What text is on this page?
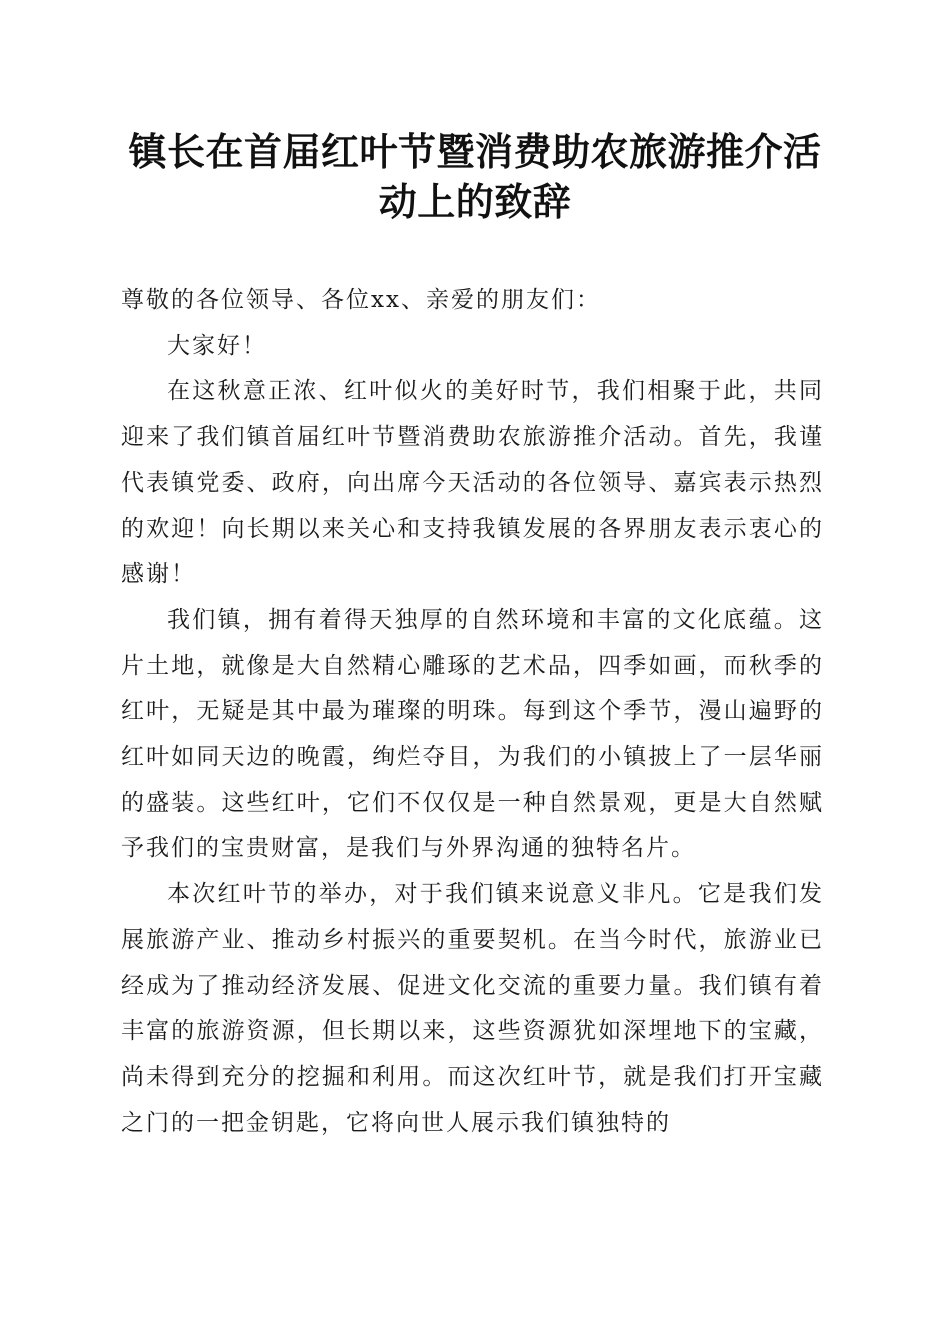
镇长在首届红叶节暨消费助农旅游推介活动上的致辞

尊敬的各位领导、各位xx、亲爱的朋友们：

大家好！

在这秋意正浓、红叶似火的美好时节，我们相聚于此，共同迎来了我们镇首届红叶节暨消费助农旅游推介活动。首先，我谨代表镇党委、政府，向出席今天活动的各位领导、嘉宾表示热烈的欢迎！向长期以来关心和支持我镇发展的各界朋友表示衷心的感谢！

我们镇，拥有着得天独厚的自然环境和丰富的文化底蕴。这片土地，就像是大自然精心雕琢的艺术品，四季如画，而秋季的红叶，无疑是其中最为璀璨的明珠。每到这个季节，漫山遍野的红叶如同天边的晚霞，绚烂夺目，为我们的小镇披上了一层华丽的盛装。这些红叶，它们不仅仅是一种自然景观，更是大自然赋予我们的宝贵财富，是我们与外界沟通的独特名片。

本次红叶节的举办，对于我们镇来说意义非凡。它是我们发展旅游产业、推动乡村振兴的重要契机。在当今时代，旅游业已经成为了推动经济发展、促进文化交流的重要力量。我们镇有着丰富的旅游资源，但长期以来，这些资源犹如深埋地下的宝藏，尚未得到充分的挖掘和利用。而这次红叶节，就是我们打开宝藏之门的一把金钥匙，它将向世人展示我们镇独特的
